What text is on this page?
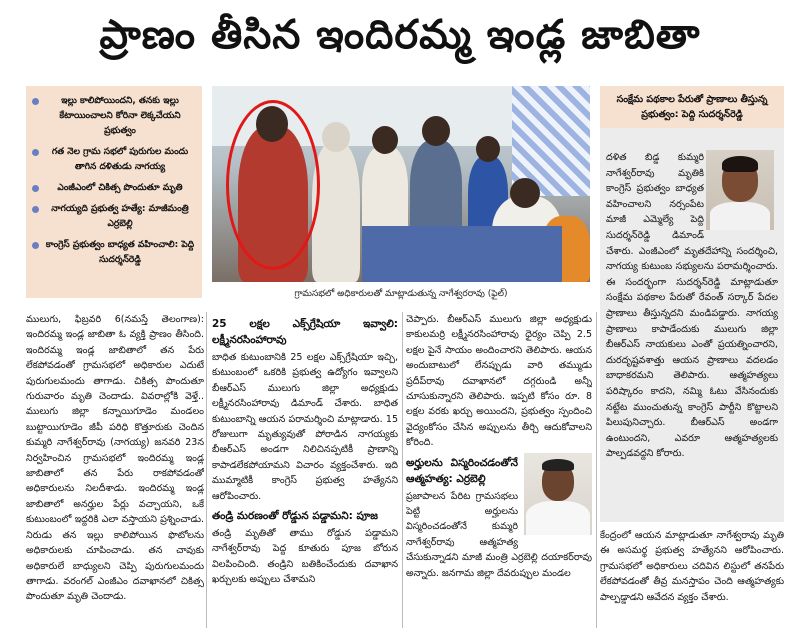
ప్రాణం తీసిన ఇందిరమ్మ ఇండ్ల జాబితా
ఇల్లు కాలిపోయిందని, తనకు ఇల్లు కేటాయించాలని కోరినా లెక్కచేయని ప్రభుత్వం
గత నెల గ్రామ సభలో పురుగుల మందు తాగిన దళితుడు నాగయ్య
ఎంజీఎంలో చికిత్స పొందుతూ మృతి
నాగయ్యది ప్రభుత్వ హత్యే: మాజీమంత్రి ఎర్రబెల్లి
కాంగ్రెస్ ప్రభుత్వం బాధ్యత వహించాలి: పెద్ది సుదర్శన్‌రెడ్డి
గ్రామసభలో అధికారులతో మాట్లాడుతున్న నాగేశ్వరరావు (ఫైల్)
సంక్షేమ పథకాల పేరుతో ప్రాణాలు తీస్తున్న ప్రభుత్వం: పెద్ది సుదర్శన్‌రెడ్డి
దళిత బిడ్డ కుమ్మరి నాగేశ్వర్‌రావు మృతికి కాంగ్రెస్ ప్రభుత్వం బాధ్యత వహించాలని నర్సంపేట మాజీ ఎమ్మెల్యే పెద్ది సుదర్శన్‌రెడ్డి డిమాండ్ చేశారు. ఎంజీఎంలో మృతదేహాన్ని సందర్శించి, నాగయ్య కుటుంబ సభ్యులను పరామర్శించారు. ఈ సందర్భంగా సుదర్శన్‌రెడ్డి మాట్లాడుతూ సంక్షేమ పథకాల పేరుతో రేవంత్ సర్కార్ పేదల ప్రాణాలు తీస్తున్నదని మండిపడ్డారు. నాగయ్య ప్రాణాలు కాపాడేందుకు ములుగు జిల్లా బీఆర్ఎస్ నాయకులు ఎంతో ప్రయత్నించారని, దురదృష్టవశాత్తు ఆయన ప్రాణాలు వదలడం బాధాకరమని తెలిపారు. ఆత్మహత్యలు పరిష్కారం కాదని, నమ్మి ఓటు వేసినందుకు నట్టేట ముంచుతున్న కాంగ్రెస్ పార్టీని కొట్టాలని పిలుపునిచ్చారు. బీఆర్ఎస్ అండగా ఉంటుందని, ఎవరూ ఆత్మహత్యలకు పాల్పడవద్దని కోరారు.

ములుగు, ఫిబ్రవరి 6(నమస్తే తెలంగాణ): ఇందిరమ్మ ఇండ్ల జాబితా ఓ వ్యక్తి ప్రాణం తీసింది. ఇందిరమ్మ ఇండ్ల జాబితాలో తన పేరు లేకపోవడంతో గ్రామసభలో అధికారుల ఎదుటే పురుగులమందు తాగాడు. చికిత్స పొందుతూ గురువారం మృతి చెందాడు. వివరాల్లోకి వెళ్తే.. ములుగు జిల్లా కన్నాయిగూడెం మండలం బుట్టాయిగూడెం జీపీ పరిధి కొత్తూరుకు చెందిన కుమ్మరి నాగేశ్వర్‌రావు (నాగయ్య) జనవరి 23న నిర్వహించిన గ్రామసభలో ఇందిరమ్మ ఇండ్ల జాబితాలో తన పేరు రాకపోవడంతో అధికారులను నిలదీశాడు. ఇందిరమ్మ ఇండ్ల జాబితాలో అనర్హుల పేర్లు వచ్చాయని, ఒకే కుటుంబంలో ఇద్దరికి ఎలా వస్తాయని ప్రశ్నించాడు. నిరుడు తన ఇల్లు కాలిపోయిన ఫొటోలను అధికారులకు చూపించాడు. తన చావుకు అధికారులే బాధ్యులని చెప్పి పురుగులమందు తాగాడు. వరంగల్ ఎంజీఎం దవాఖానలో చికిత్స పొందుతూ మృతి చెందాడు.

25 లక్షల ఎక్స్‌గ్రేషియా ఇవ్వాలి: లక్ష్మీనరసింహారావు

బాధిత కుటుంబానికి 25 లక్షల ఎక్స్‌గ్రేషియా ఇచ్చి, కుటుంబంలో ఒకరికి ప్రభుత్వ ఉద్యోగం ఇవ్వాలని బీఆర్ఎస్ ములుగు జిల్లా అధ్యక్షుడు లక్ష్మీనరసింహారావు డిమాండ్ చేశారు. బాధిత కుటుంబాన్ని ఆయన పరామర్శించి మాట్లాడారు. 15 రోజులుగా మృత్యువుతో పోరాడిన నాగయ్యకు బీఆర్ఎస్ అండగా నిలిచినప్పటికీ ప్రాణాన్ని కాపాడలేకపోయామని విచారం వ్యక్తంచేశారు. ఇది ముమ్మాటికీ కాంగ్రెస్ ప్రభుత్వ హత్యేనని ఆరోపించారు.

తండ్రి మరణంతో రోడ్డున పడ్డామని: పూజ

తండ్రి మృతితో తాము రోడ్డున పడ్డామని నాగేశ్వర్‌రావు పెద్ద కూతురు పూజ బోరున విలపించింది. తండ్రిని బతికించేందుకు దవాఖాన ఖర్చులకు అప్పులు చేశామని

చెప్పారు. బీఆర్ఎస్ ములుగు జిల్లా అధ్యక్షుడు కాకులమర్రి లక్ష్మీనరసింహారావు ధైర్యం చెప్పి 2.5 లక్షల పైనే సాయం అందించారని తెలిపారు. ఆయన అందుబాటులో లేనప్పుడు వారి తమ్ముడు ప్రదీప్‌రావు దవాఖానలో దగ్గరుండి అన్నీ చూసుకున్నారని తెలిపారు. ఇప్పటి కోసం రూ. 8 లక్షల వరకు ఖర్చు అయిందని, ప్రభుత్వం స్పందించి వైద్యంకోసం చేసిన అప్పులను తీర్చి ఆదుకోవాలని కోరింది.

అర్హులను విస్మరించడంతోనే ఆత్మహత్య: ఎర్రబెల్లి

ప్రజాపాలన పేరిట గ్రామసభలు పెట్టి అర్హులను విస్మరించడంతోనే కుమ్మరి నాగేశ్వర్‌రావు ఆత్మహత్య చేసుకున్నాడని మాజీ మంత్రి ఎర్రబెల్లి దయాకర్‌రావు అన్నారు. జనగామ జిల్లా దేవరుప్పుల మండల

కేంద్రంలో ఆయన మాట్లాడుతూ నాగేశ్వరావు మృతి ఈ అసమర్థ ప్రభుత్వ హత్యేనని ఆరోపించారు. గ్రామసభలో అధికారులు చదివిన లిస్టులో తనపేరు లేకపోవడంతో తీవ్ర మనస్తాపం చెంది ఆత్మహత్యకు పాల్పడ్డాడని ఆవేదన వ్యక్తం చేశారు.
